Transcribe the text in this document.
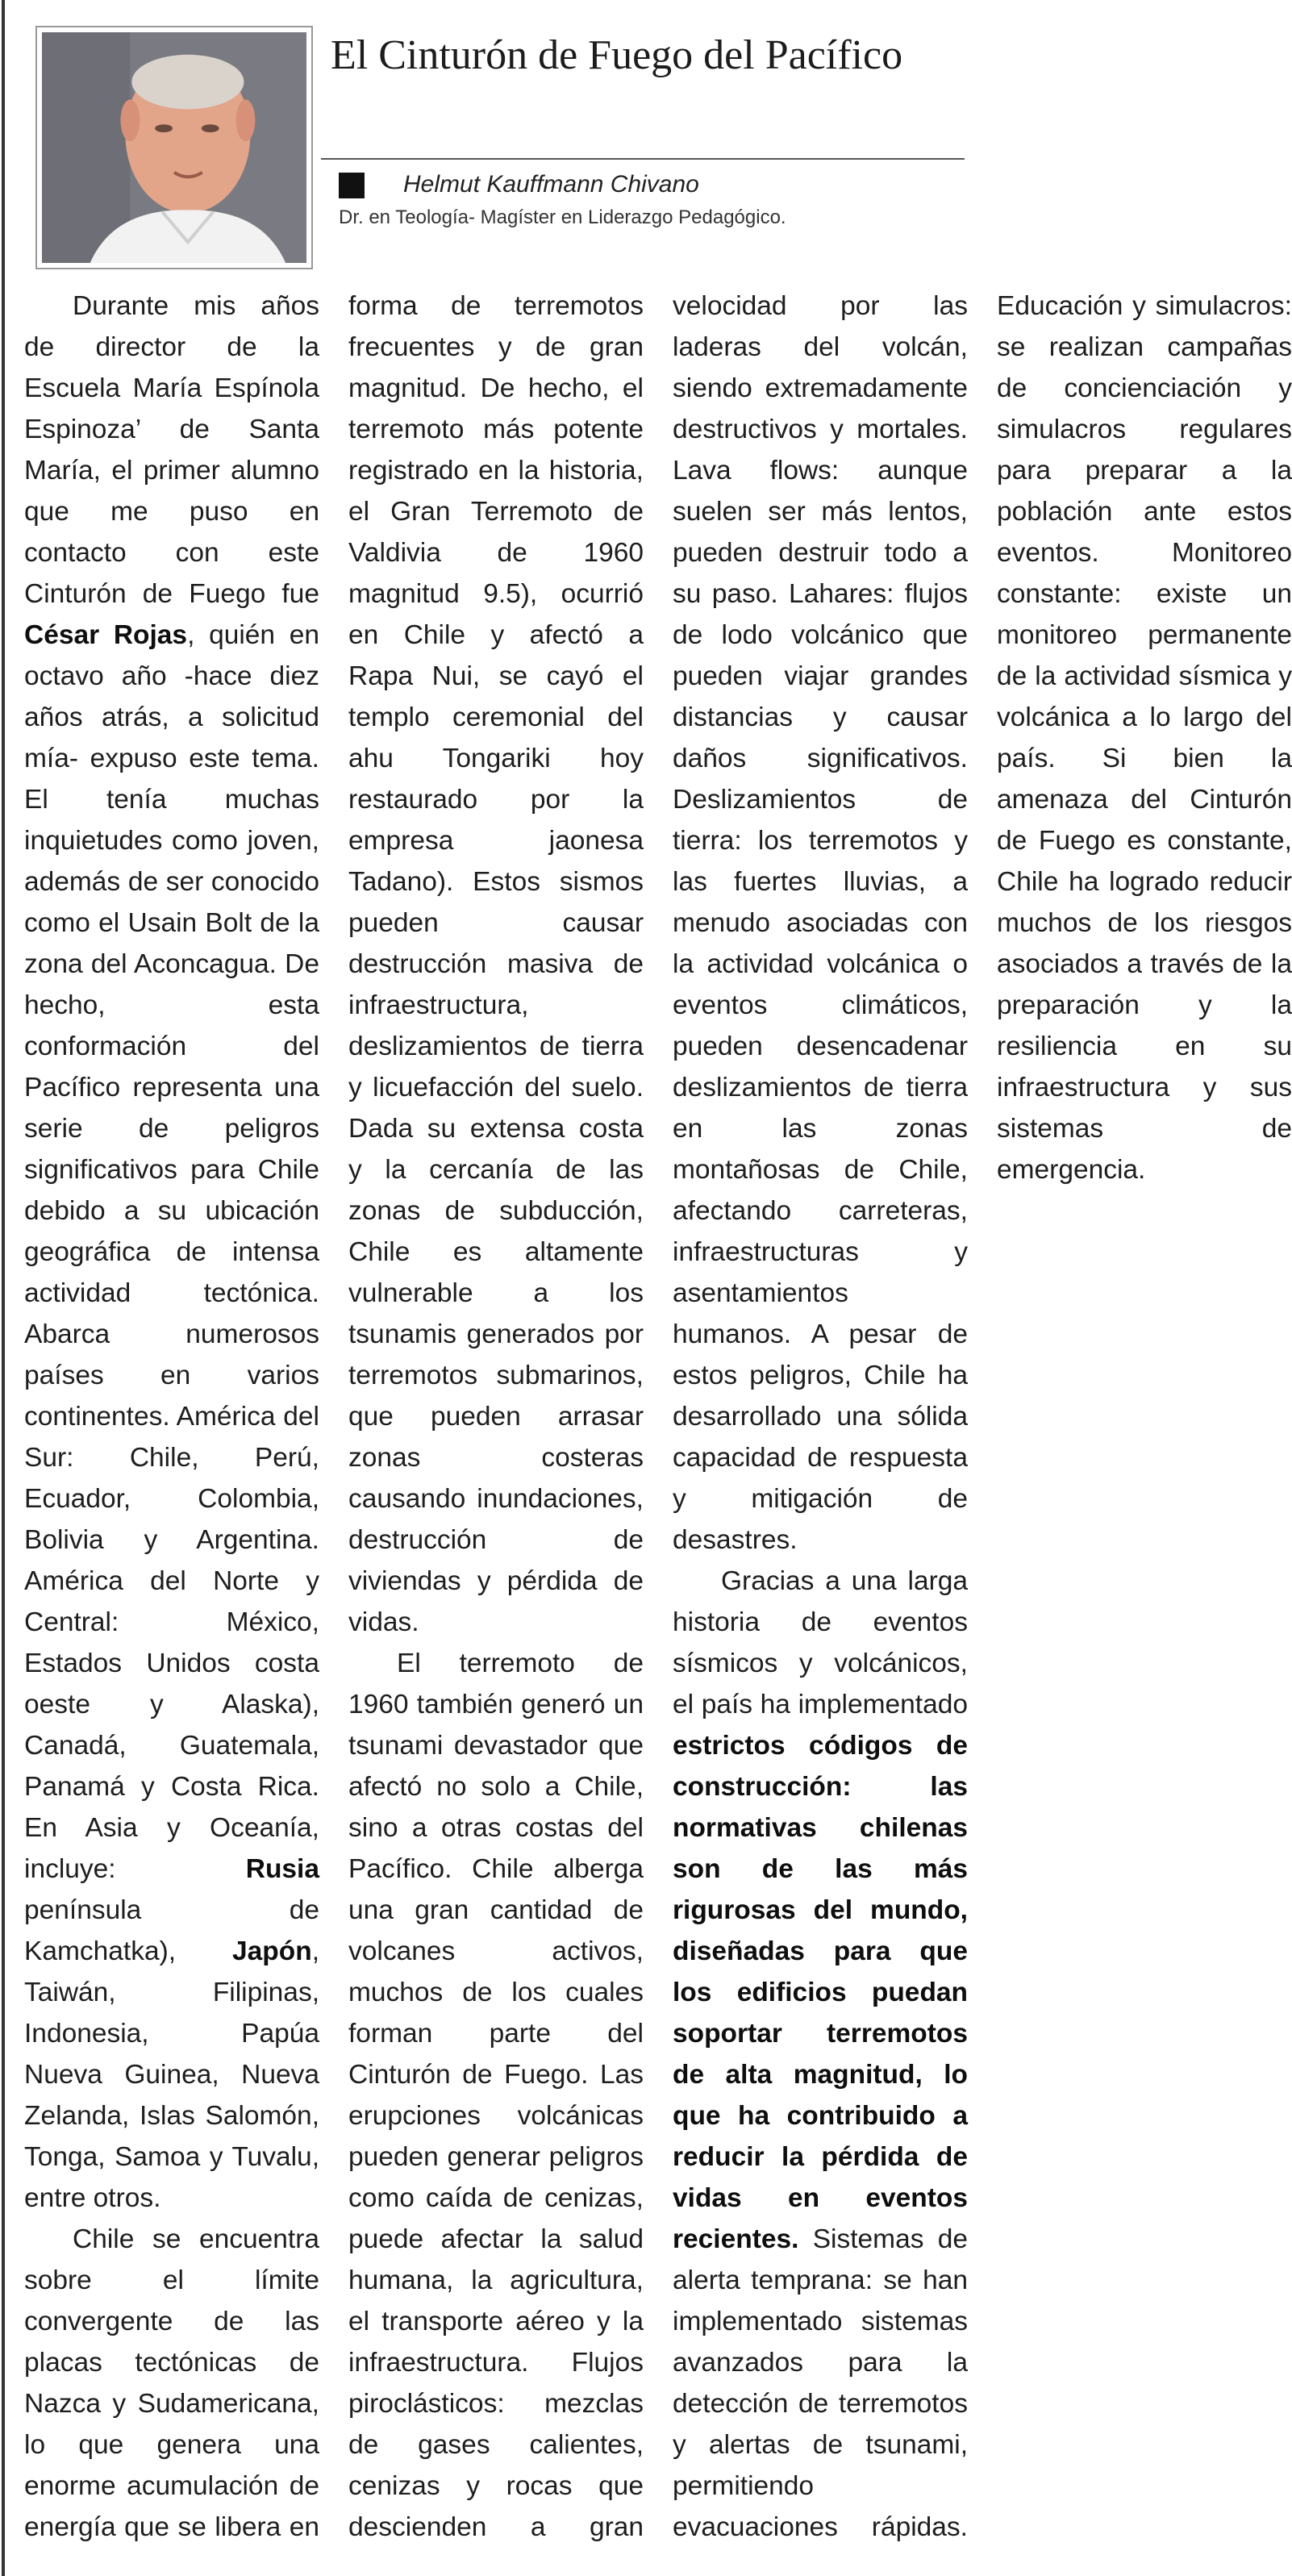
El Cinturón de Fuego del Pacífico

Helmut Kauffmann Chivano

Dr. en Teología- Magíster en Liderazgo Pedagógico.

Durante mis años de director de la Escuela María Espínola Espinoza’ de Santa María, el primer alumno que me puso en contacto con este Cinturón de Fuego fue César Rojas, quién en octavo año -hace diez años atrás, a solicitud mía- expuso este tema. El tenía muchas inquietudes como joven, además de ser conocido como el Usain Bolt de la zona del Aconcagua. De hecho, esta conformación del Pacífico representa una serie de peligros significativos para Chile debido a su ubicación geográfica de intensa actividad tectónica. Abarca numerosos países en varios continentes. América del Sur: Chile, Perú, Ecuador, Colombia, Bolivia y Argentina. América del Norte y Central: México, Estados Unidos costa oeste y Alaska), Canadá, Guatemala, Panamá y Costa Rica. En Asia y Oceanía, incluye: Rusia península de Kamchatka), Japón, Taiwán, Filipinas, Indonesia, Papúa Nueva Guinea, Nueva Zelanda, Islas Salomón, Tonga, Samoa y Tuvalu, entre otros.

Chile se encuentra sobre el límite convergente de las placas tectónicas de Nazca y Sudamericana, lo que genera una enorme acumulación de energía que se libera en forma de terremotos frecuentes y de gran magnitud. De hecho, el terremoto más potente registrado en la historia, el Gran Terremoto de Valdivia de 1960 magnitud 9.5), ocurrió en Chile y afectó a Rapa Nui, se cayó el templo ceremonial del ahu Tongariki hoy restaurado por la empresa jaonesa Tadano). Estos sismos pueden causar destrucción masiva de infraestructura, deslizamientos de tierra y licuefacción del suelo. Dada su extensa costa y la cercanía de las zonas de subducción, Chile es altamente vulnerable a los tsunamis generados por terremotos submarinos, que pueden arrasar zonas costeras causando inundaciones, destrucción de viviendas y pérdida de vidas.

El terremoto de 1960 también generó un tsunami devastador que afectó no solo a Chile, sino a otras costas del Pacífico. Chile alberga una gran cantidad de volcanes activos, muchos de los cuales forman parte del Cinturón de Fuego. Las erupciones volcánicas pueden generar peligros como caída de cenizas, puede afectar la salud humana, la agricultura, el transporte aéreo y la infraestructura. Flujos piroclásticos: mezclas de gases calientes, cenizas y rocas que descienden a gran velocidad por las laderas del volcán, siendo extremadamente destructivos y mortales. Lava flows: aunque suelen ser más lentos, pueden destruir todo a su paso. Lahares: flujos de lodo volcánico que pueden viajar grandes distancias y causar daños significativos. Deslizamientos de tierra: los terremotos y las fuertes lluvias, a menudo asociadas con la actividad volcánica o eventos climáticos, pueden desencadenar deslizamientos de tierra en las zonas montañosas de Chile, afectando carreteras, infraestructuras y asentamientos humanos. A pesar de estos peligros, Chile ha desarrollado una sólida capacidad de respuesta y mitigación de desastres.

Gracias a una larga historia de eventos sísmicos y volcánicos, el país ha implementado estrictos códigos de construcción: las normativas chilenas son de las más rigurosas del mundo, diseñadas para que los edificios puedan soportar terremotos de alta magnitud, lo que ha contribuido a reducir la pérdida de vidas en eventos recientes. Sistemas de alerta temprana: se han implementado sistemas avanzados para la detección de terremotos y alertas de tsunami, permitiendo evacuaciones rápidas. Educación y simulacros: se realizan campañas de concienciación y simulacros regulares para preparar a la población ante estos eventos. Monitoreo constante: existe un monitoreo permanente de la actividad sísmica y volcánica a lo largo del país. Si bien la amenaza del Cinturón de Fuego es constante, Chile ha logrado reducir muchos de los riesgos asociados a través de la preparación y la resiliencia en su infraestructura y sus sistemas de emergencia.
